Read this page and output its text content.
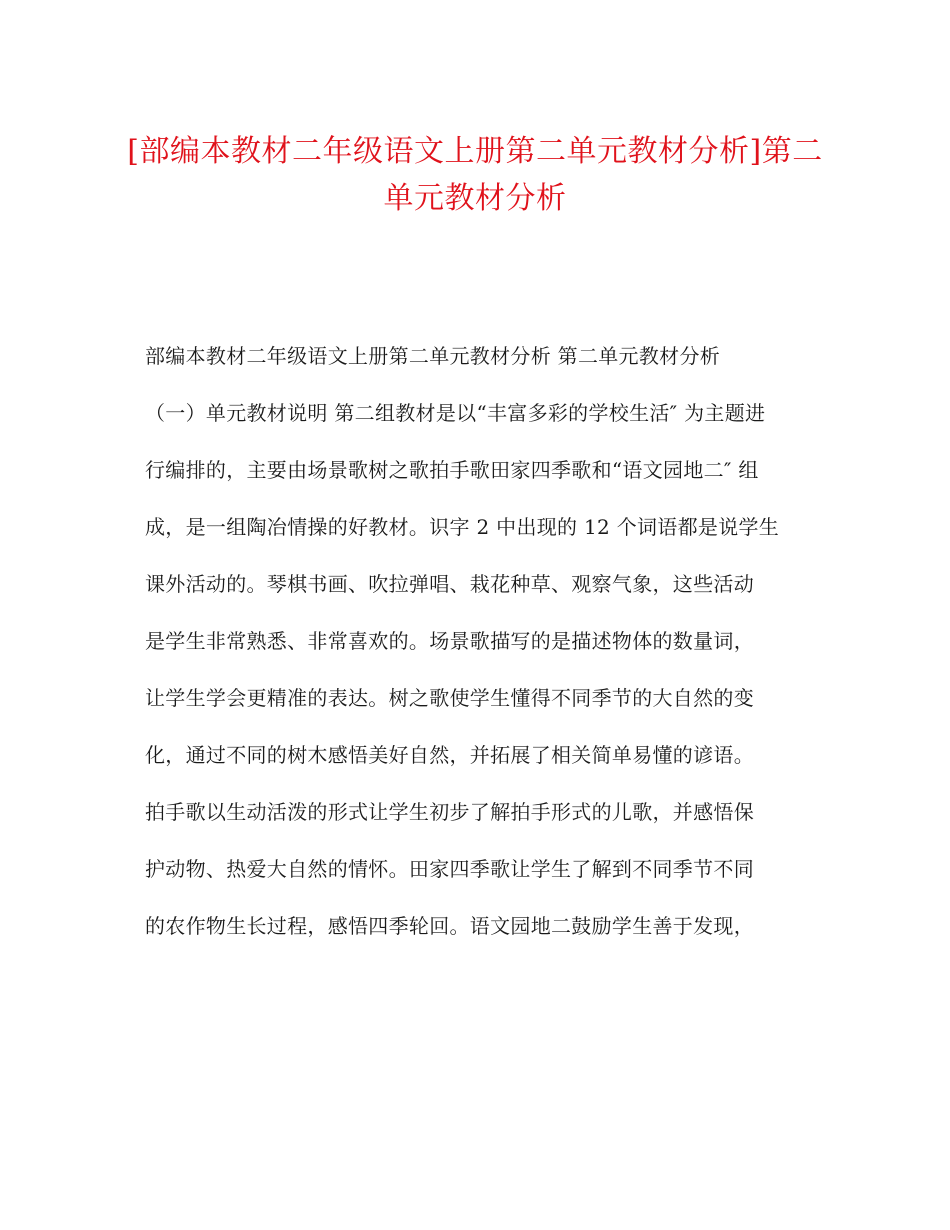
[部编本教材二年级语文上册第二单元教材分析]第二
单元教材分析
部编本教材二年级语文上册第二单元教材分析 第二单元教材分析
（一）单元教材说明 第二组教材是以“丰富多彩的学校生活″ 为主题进
行编排的，主要由场景歌树之歌拍手歌田家四季歌和“语文园地二″ 组
成，是一组陶冶情操的好教材。识字 2 中出现的 12 个词语都是说学生
课外活动的。琴棋书画、吹拉弹唱、栽花种草、观察气象，这些活动
是学生非常熟悉、非常喜欢的。场景歌描写的是描述物体的数量词，
让学生学会更精准的表达。树之歌使学生懂得不同季节的大自然的变
化，通过不同的树木感悟美好自然，并拓展了相关简单易懂的谚语。
拍手歌以生动活泼的形式让学生初步了解拍手形式的儿歌，并感悟保
护动物、热爱大自然的情怀。田家四季歌让学生了解到不同季节不同
的农作物生长过程，感悟四季轮回。语文园地二鼓励学生善于发现，
